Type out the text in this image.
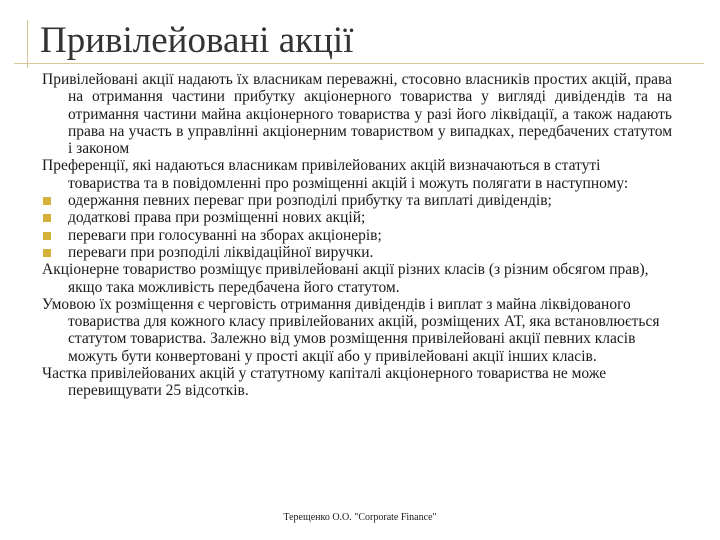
Привілейовані акції

Привілейовані акції надають їх власникам переважні, стосовно власників простих акцій, права на отримання частини прибутку акціонерного товариства у вигляді дивідендів та на отримання частини майна акціонерного товариства у разі його ліквідації, а також надають права на участь в управлінні акціонерним товариством у випадках, передбачених статутом і законом

Преференції, які надаються власникам привілейованих акцій визначаються в статуті товариства та в повідомленні про розміщенні акцій і можуть полягати в наступному:

одержання певних переваг при розподілі прибутку та виплаті дивідендів;
додаткові права при розміщенні нових акцій;
переваги при голосуванні на зборах акціонерів;
переваги при розподілі ліквідаційної виручки.

Акціонерне товариство розміщує привілейовані акції різних класів (з різним обсягом прав), якщо така можливість передбачена його статутом.

Умовою їх розміщення є черговість отримання дивідендів і виплат з майна ліквідованого товариства для кожного класу привілейованих акцій, розміщених АТ, яка встановлюється статутом товариства. Залежно від умов розміщення привілейовані акції певних класів можуть бути конвертовані у прості акції або у привілейовані акції інших класів.

Частка привілейованих акцій у статутному капіталі акціонерного товариства не може перевищувати 25 відсотків.

Терещенко О.О. "Corporate Finance"
